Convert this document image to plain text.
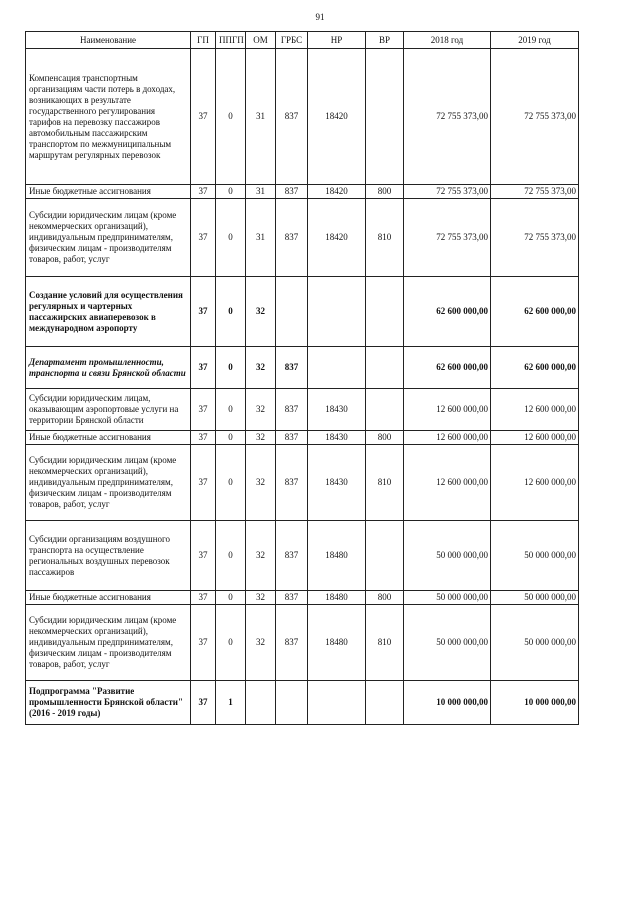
91
Наименование	ГП	ППГП	ОМ	ГРБС	НР	ВР	2018 год	2019 год
Компенсация транспортным организациям части потерь в доходах, возникающих в результате государственного регулирования тарифов на перевозку пассажиров автомобильным пассажирским транспортом по межмуниципальным маршрутам регулярных перевозок	37	0	31	837	18420		72 755 373,00	72 755 373,00
Иные бюджетные ассигнования	37	0	31	837	18420	800	72 755 373,00	72 755 373,00
Субсидии юридическим лицам (кроме некоммерческих организаций), индивидуальным предпринимателям, физическим лицам - производителям товаров, работ, услуг	37	0	31	837	18420	810	72 755 373,00	72 755 373,00
Создание условий для осуществления регулярных и чартерных пассажирских авиаперевозок в международном аэропорту	37	0	32				62 600 000,00	62 600 000,00
Департамент промышленности, транспорта и связи Брянской области	37	0	32	837			62 600 000,00	62 600 000,00
Субсидии юридическим лицам, оказывающим аэропортовые услуги на территории Брянской области	37	0	32	837	18430		12 600 000,00	12 600 000,00
Иные бюджетные ассигнования	37	0	32	837	18430	800	12 600 000,00	12 600 000,00
Субсидии юридическим лицам (кроме некоммерческих организаций), индивидуальным предпринимателям, физическим лицам - производителям товаров, работ, услуг	37	0	32	837	18430	810	12 600 000,00	12 600 000,00
Субсидии организациям воздушного транспорта на осуществление региональных воздушных перевозок пассажиров	37	0	32	837	18480		50 000 000,00	50 000 000,00
Иные бюджетные ассигнования	37	0	32	837	18480	800	50 000 000,00	50 000 000,00
Субсидии юридическим лицам (кроме некоммерческих организаций), индивидуальным предпринимателям, физическим лицам - производителям товаров, работ, услуг	37	0	32	837	18480	810	50 000 000,00	50 000 000,00
Подпрограмма "Развитие промышленности Брянской области" (2016 - 2019 годы)	37	1					10 000 000,00	10 000 000,00
